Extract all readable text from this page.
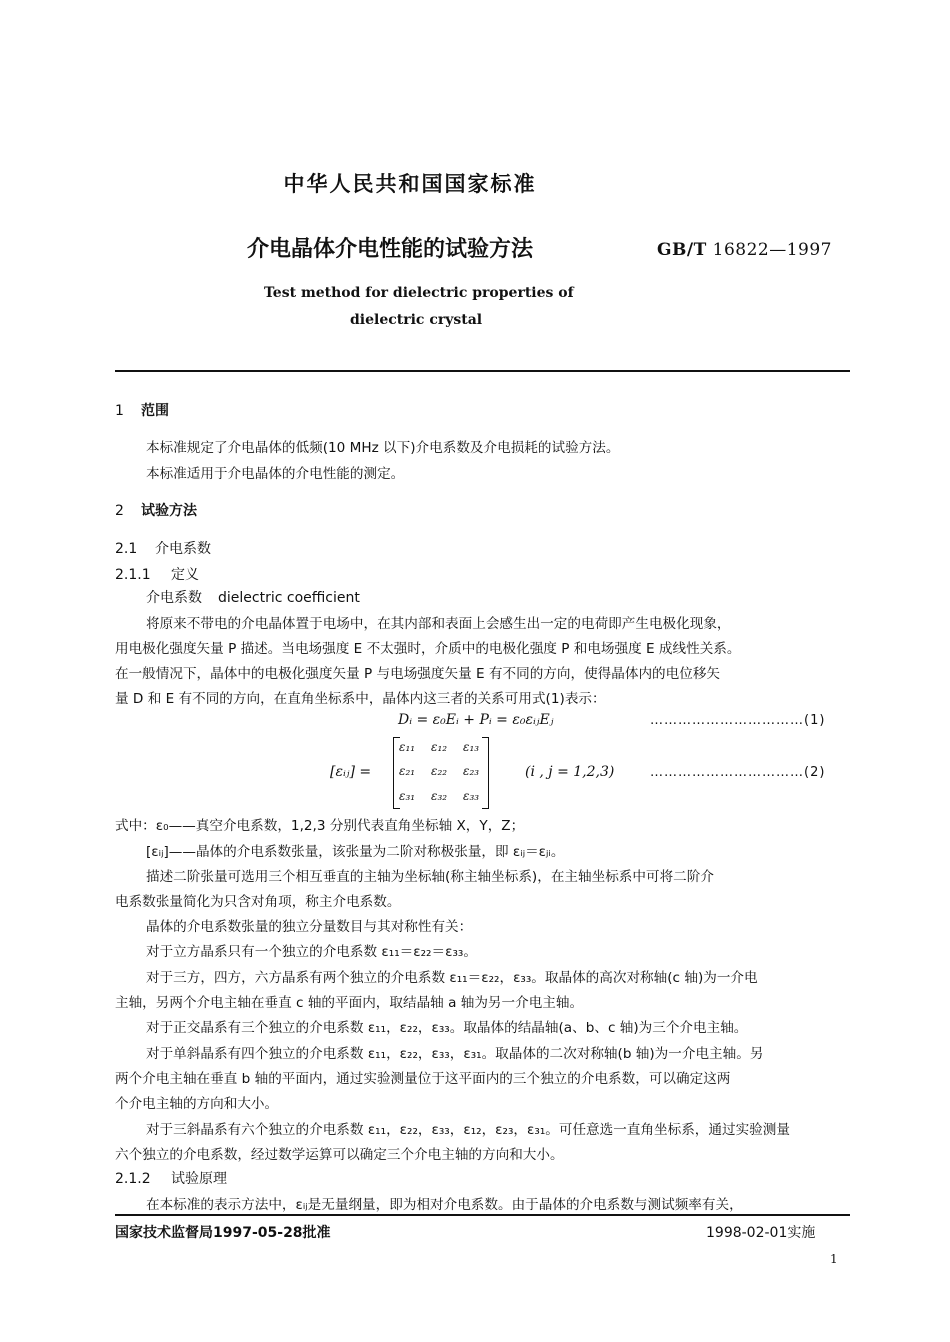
中华人民共和国国家标准
介电晶体介电性能的试验方法	GB/T 16822—1997
Test method for dielectric properties of
dielectric crystal
1 范围
本标准规定了介电晶体的低频(10 MHz 以下)介电系数及介电损耗的试验方法。
本标准适用于介电晶体的介电性能的测定。
2 试验方法
2.1 介电系数
2.1.1 定义
介电系数 dielectric coefficient
将原来不带电的介电晶体置于电场中，在其内部和表面上会感生出一定的电荷即产生电极化现象，
用电极化强度矢量 P 描述。当电场强度 E 不太强时，介质中的电极化强度 P 和电场强度 E 成线性关系。
在一般情况下，晶体中的电极化强度矢量 P 与电场强度矢量 E 有不同的方向，使得晶体内的电位移矢
量 D 和 E 有不同的方向，在直角坐标系中，晶体内这三者的关系可用式(1)表示：
Dᵢ = ε₀Eᵢ + Pᵢ = ε₀εᵢⱼEⱼ	……………………………(1)
[εᵢⱼ] =
ε₁₁ ε₁₂ ε₁₃
ε₂₁ ε₂₂ ε₂₃
ε₃₁ ε₃₂ ε₃₃
(i , j = 1,2,3)	……………………………(2)
式中：ε₀——真空介电系数，1,2,3 分别代表直角坐标轴 X，Y，Z；
[εᵢⱼ]——晶体的介电系数张量，该张量为二阶对称极张量，即 εᵢⱼ＝εⱼᵢ。
描述二阶张量可选用三个相互垂直的主轴为坐标轴(称主轴坐标系)，在主轴坐标系中可将二阶介
电系数张量简化为只含对角项，称主介电系数。
晶体的介电系数张量的独立分量数目与其对称性有关：
对于立方晶系只有一个独立的介电系数 ε₁₁＝ε₂₂＝ε₃₃。
对于三方，四方，六方晶系有两个独立的介电系数 ε₁₁＝ε₂₂，ε₃₃。取晶体的高次对称轴(c 轴)为一介电
主轴，另两个介电主轴在垂直 c 轴的平面内，取结晶轴 a 轴为另一介电主轴。
对于正交晶系有三个独立的介电系数 ε₁₁，ε₂₂，ε₃₃。取晶体的结晶轴(a、b、c 轴)为三个介电主轴。
对于单斜晶系有四个独立的介电系数 ε₁₁，ε₂₂，ε₃₃，ε₃₁。取晶体的二次对称轴(b 轴)为一介电主轴。另
两个介电主轴在垂直 b 轴的平面内，通过实验测量位于这平面内的三个独立的介电系数，可以确定这两
个介电主轴的方向和大小。
对于三斜晶系有六个独立的介电系数 ε₁₁，ε₂₂，ε₃₃，ε₁₂，ε₂₃，ε₃₁。可任意选一直角坐标系，通过实验测量
六个独立的介电系数，经过数学运算可以确定三个介电主轴的方向和大小。
2.1.2 试验原理
在本标准的表示方法中，εᵢⱼ是无量纲量，即为相对介电系数。由于晶体的介电系数与测试频率有关，
国家技术监督局1997-05-28批准	1998-02-01实施
1
